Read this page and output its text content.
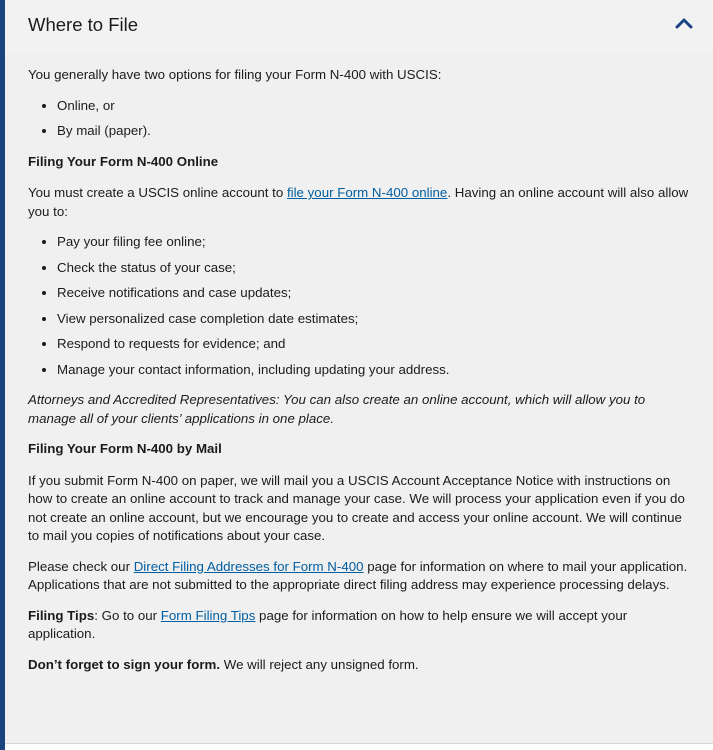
Where to File

You generally have two options for filing your Form N-400 with USCIS:

• Online, or
• By mail (paper).

Filing Your Form N-400 Online

You must create a USCIS online account to file your Form N-400 online. Having an online account will also allow you to:

• Pay your filing fee online;
• Check the status of your case;
• Receive notifications and case updates;
• View personalized case completion date estimates;
• Respond to requests for evidence; and
• Manage your contact information, including updating your address.

Attorneys and Accredited Representatives: You can also create an online account, which will allow you to manage all of your clients’ applications in one place.

Filing Your Form N-400 by Mail

If you submit Form N-400 on paper, we will mail you a USCIS Account Acceptance Notice with instructions on how to create an online account to track and manage your case. We will process your application even if you do not create an online account, but we encourage you to create and access your online account. We will continue to mail you copies of notifications about your case.

Please check our Direct Filing Addresses for Form N-400 page for information on where to mail your application. Applications that are not submitted to the appropriate direct filing address may experience processing delays.

Filing Tips: Go to our Form Filing Tips page for information on how to help ensure we will accept your application.

Don’t forget to sign your form. We will reject any unsigned form.
